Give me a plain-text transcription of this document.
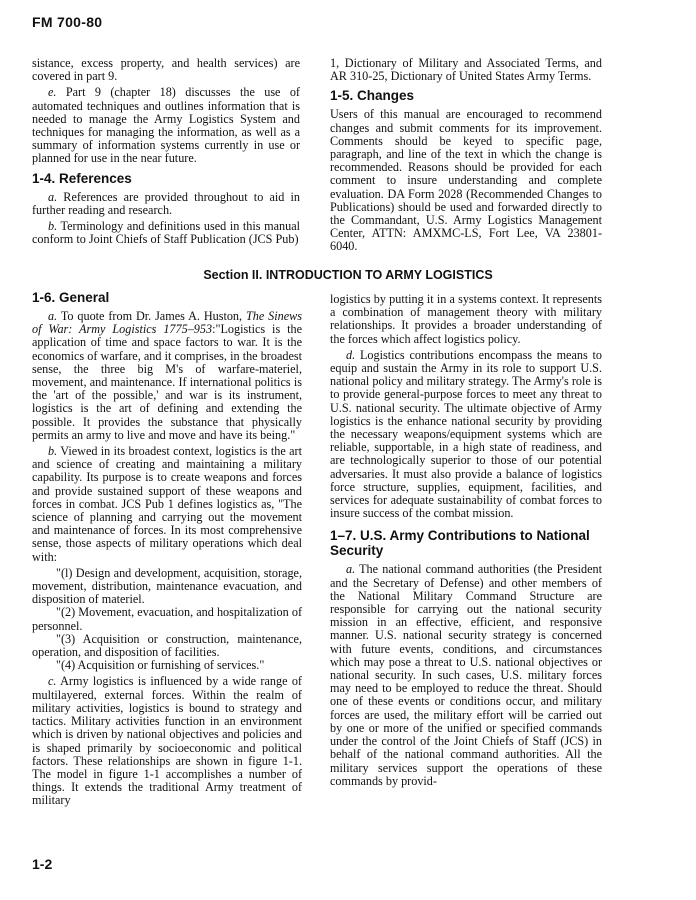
FM 700-80

sistance, excess property, and health services) are covered in part 9.

e. Part 9 (chapter 18) discusses the use of automated techniques and outlines information that is needed to manage the Army Logistics System and techniques for managing the information, as well as a summary of information systems currently in use or planned for use in the near future.

1-4. References

a. References are provided throughout to aid in further reading and research.

b. Terminology and definitions used in this manual conform to Joint Chiefs of Staff Publication (JCS Pub)

1, Dictionary of Military and Associated Terms, and AR 310-25, Dictionary of United States Army Terms.

1-5. Changes

Users of this manual are encouraged to recommend changes and submit comments for its improvement. Comments should be keyed to specific page, paragraph, and line of the text in which the change is recommended. Reasons should be provided for each comment to insure understanding and complete evaluation. DA Form 2028 (Recommended Changes to Publications) should be used and forwarded directly to the Commandant, U.S. Army Logistics Management Center, ATTN: AMXMC-LS, Fort Lee, VA 23801-6040.

Section II. INTRODUCTION TO ARMY LOGISTICS
1-6. General

a. To quote from Dr. James A. Huston, The Sinews of War: Army Logistics 1775–953:"Logistics is the application of time and space factors to war. It is the economics of warfare, and it comprises, in the broadest sense, the three big M's of warfare-materiel, movement, and maintenance. If international politics is the 'art of the possible,' and war is its instrument, logistics is the art of defining and extending the possible. It provides the substance that physically permits an army to live and move and have its being."

b. Viewed in its broadest context, logistics is the art and science of creating and maintaining a military capability. Its purpose is to create weapons and forces and provide sustained support of these weapons and forces in combat. JCS Pub 1 defines logistics as, "The science of planning and carrying out the movement and maintenance of forces. In its most comprehensive sense, those aspects of military operations which deal with:

"(l) Design and development, acquisition, storage, movement, distribution, maintenance evacuation, and disposition of materiel.

"(2) Movement, evacuation, and hospitalization of personnel.

"(3) Acquisition or construction, maintenance, operation, and disposition of facilities.

"(4) Acquisition or furnishing of services."

c. Army logistics is influenced by a wide range of multilayered, external forces. Within the realm of military activities, logistics is bound to strategy and tactics. Military activities function in an environment which is driven by national objectives and policies and is shaped primarily by socioeconomic and political factors. These relationships are shown in figure 1-1. The model in figure 1-1 accomplishes a number of things. It extends the traditional Army treatment of military

logistics by putting it in a systems context. It represents a combination of management theory with military relationships. It provides a broader understanding of the forces which affect logistics policy.

d. Logistics contributions encompass the means to equip and sustain the Army in its role to support U.S. national policy and military strategy. The Army's role is to provide general-purpose forces to meet any threat to U.S. national security. The ultimate objective of Army logistics is the enhance national security by providing the necessary weapons/equipment systems which are reliable, supportable, in a high state of readiness, and are technologically superior to those of our potential adversaries. It must also provide a balance of logistics force structure, supplies, equipment, facilities, and services for adequate sustainability of combat forces to insure success of the combat mission.

1–7. U.S. Army Contributions to National Security

a. The national command authorities (the President and the Secretary of Defense) and other members of the National Military Command Structure are responsible for carrying out the national security mission in an effective, efficient, and responsive manner. U.S. national security strategy is concerned with future events, conditions, and circumstances which may pose a threat to U.S. national objectives or national security. In such cases, U.S. military forces may need to be employed to reduce the threat. Should one of these events or conditions occur, and military forces are used, the military effort will be carried out by one or more of the unified or specified commands under the control of the Joint Chiefs of Staff (JCS) in behalf of the national command authorities. All the military services support the operations of these commands by provid-

1-2
